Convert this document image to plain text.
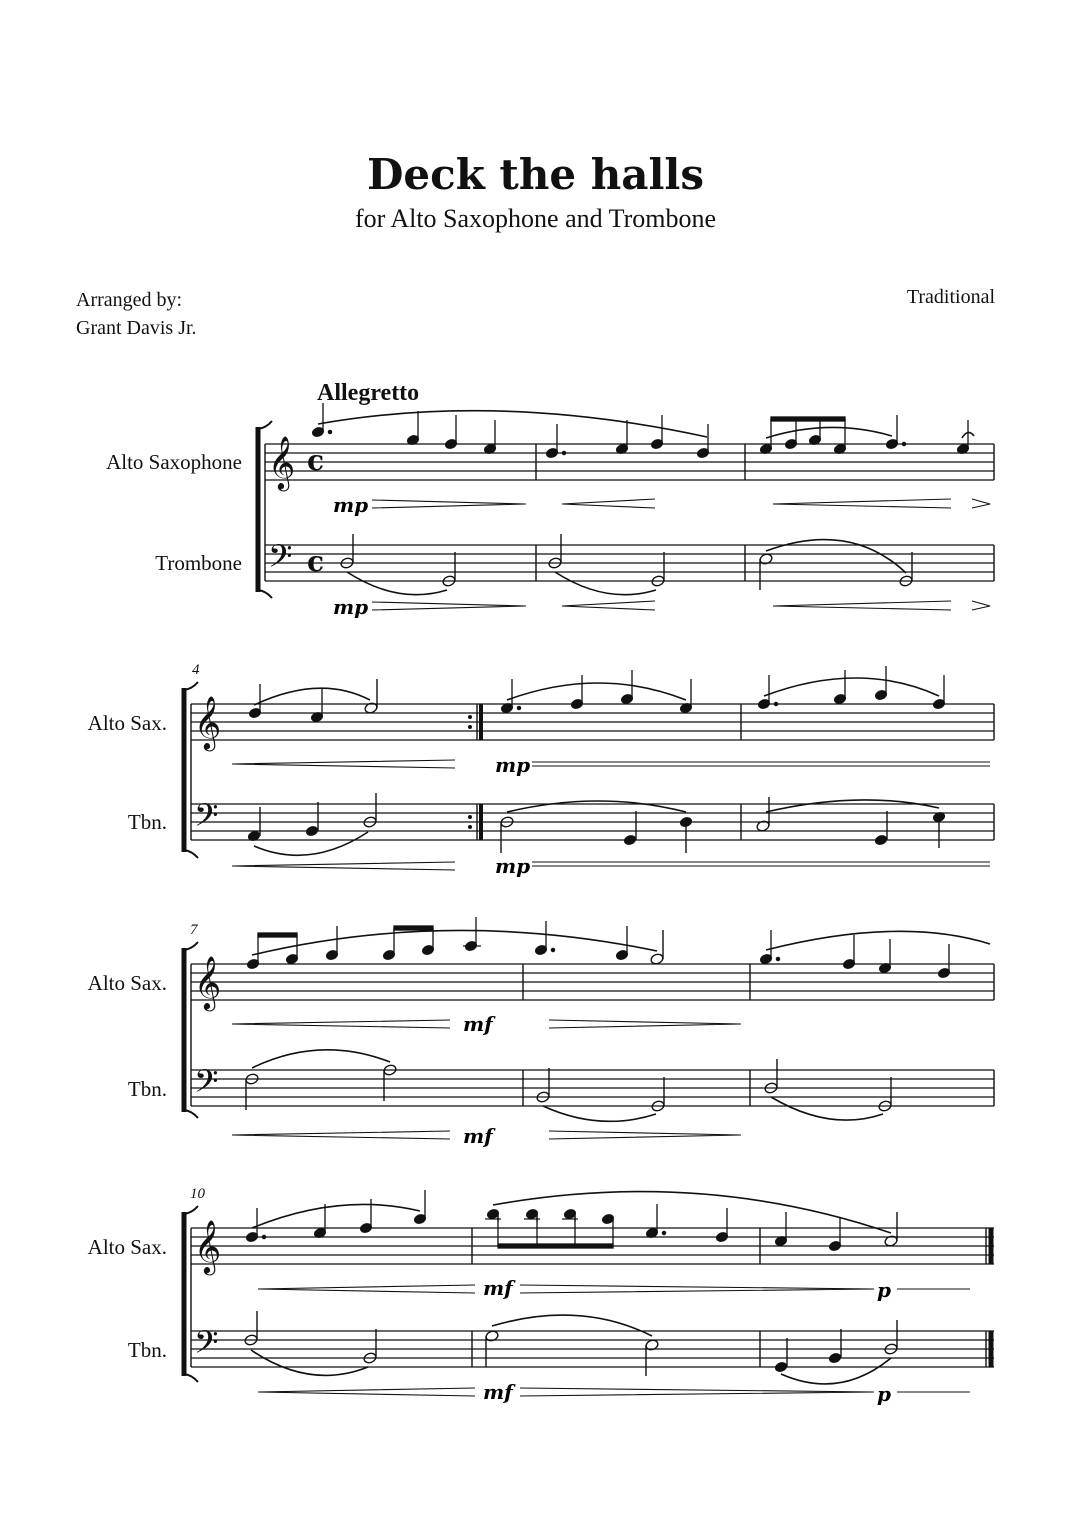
Deck the halls
for Alto Saxophone and Trombone
Arranged by:
Grant Davis Jr.
Traditional
Allegretto
Alto Saxophone
Trombone
Alto Sax.
Tbn.
Alto Sax.
Tbn.
Alto Sax.
Tbn.
4
7
10
𝄞
𝄢
c
c
mp
mp
𝄞
𝄢
mp
mp
𝄞
𝄢
mf
mf
𝄞
𝄢
mf	p
mf	p
